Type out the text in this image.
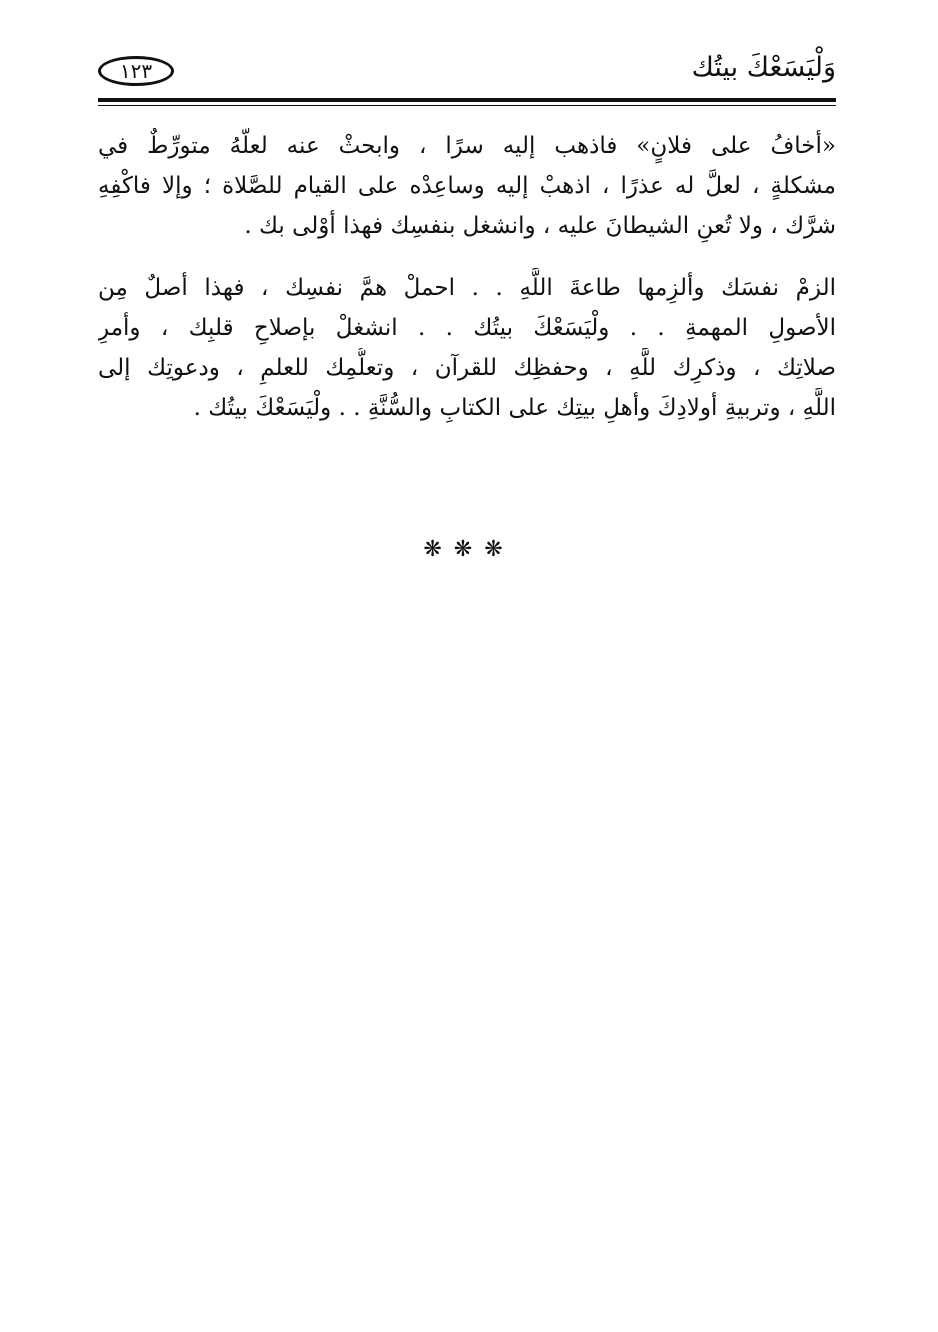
وَلْيَسَعْكَ بيتُك
١٢٣
«أخافُ على فلانٍ» فاذهب إليه سرًا ، وابحثْ عنه لعلّهُ متورِّطٌ في
مشكلةٍ ، لعلَّ له عذرًا ، اذهبْ إليه وساعِدْه على القيام للصَّلاة ؛ وإلا فاكْفِهِ
شرَّك ، ولا تُعنِ الشيطانَ عليه ، وانشغل بنفسِك فهذا أوْلى بك .
الزمْ نفسَك وألزِمها طاعةَ اللَّهِ . . احملْ همَّ نفسِك ، فهذا أصلٌ مِن
الأصولِ المهمةِ . . ولْيَسَعْكَ بيتُك . . انشغلْ بإصلاحِ قلبِك ، وأمرِ
صلاتِك ، وذكرِك للَّهِ ، وحفظِك للقرآن ، وتعلُّمِك للعلمِ ، ودعوتِك إلى
اللَّهِ ، وتربيةِ أولادِكَ وأهلِ بيتِك على الكتابِ والسُّنَّةِ . . ولْيَسَعْكَ بيتُك .
❋❋❋
